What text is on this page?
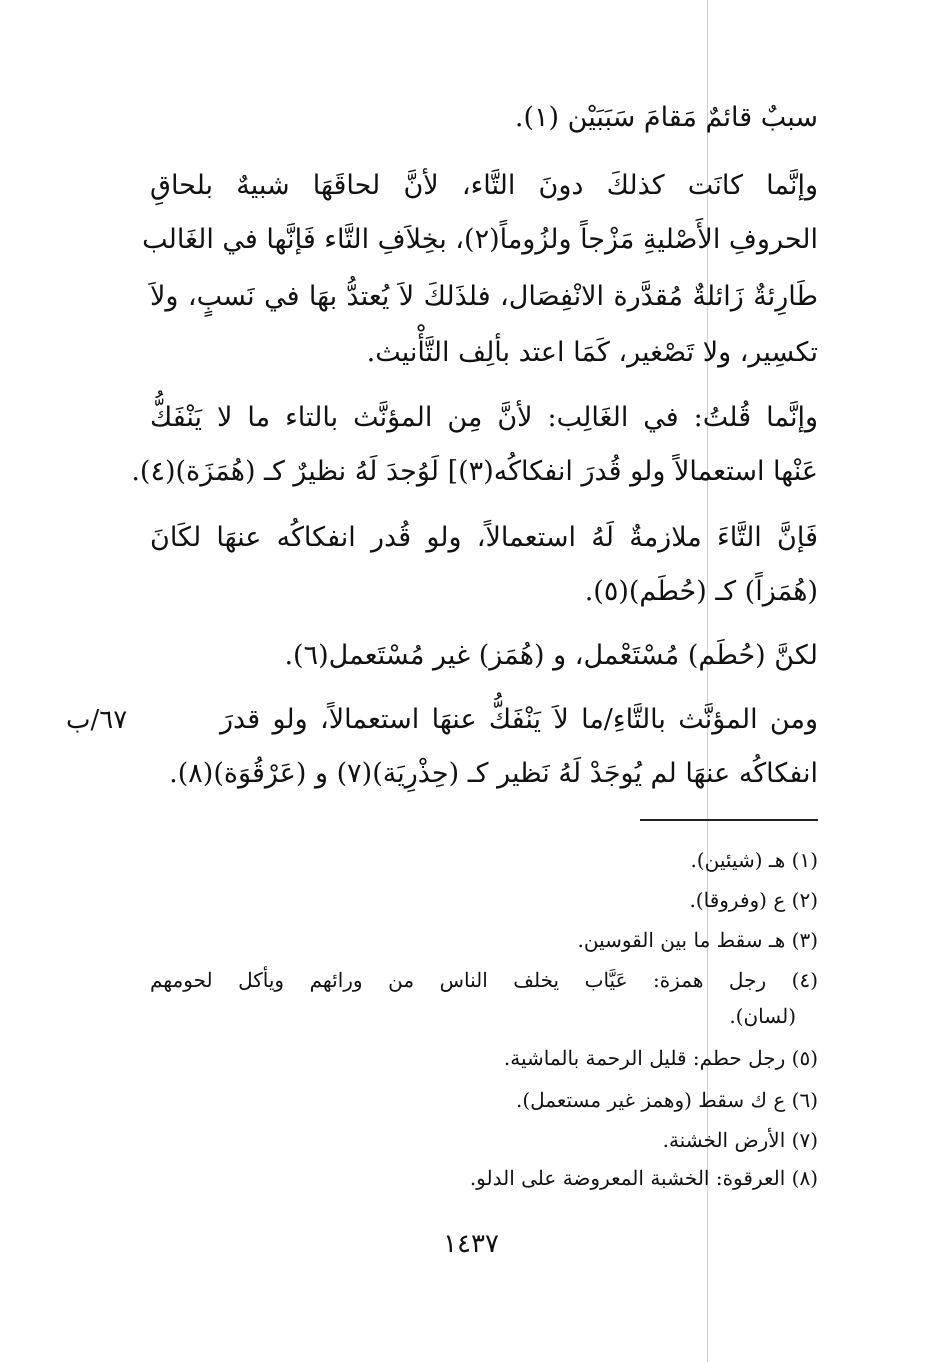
سببٌ قائمٌ مَقامَ سَبَبَيْن (١).
وإنَّما كانَت كذلكَ دونَ التَّاء، لأنَّ لحاقَهَا شبيهٌ بلحاقِ
الحروفِ الأَصْليةِ مَزْجاً ولزُوماً(٢)، بخِلاَفِ التَّاء فَإنَّها في الغَالب
طَارِئةٌ زَائلةٌ مُقدَّرة الانْفِصَال، فلذَلكَ لاَ يُعتدُّ بهَا في نَسبٍ، ولاَ
تكسِير، ولا تَصْغير، كَمَا اعتد بألِف التَّأْنيث.
وإنَّما قُلتُ: في الغَالِب: لأنَّ مِن المؤنَّث بالتاء ما لا يَنْفَكُّ
عَنْها استعمالاً ولو قُدرَ انفكاكُه(٣)] لَوُجدَ لَهُ نظيرٌ كـ (هُمَزَة)(٤).
فَإنَّ التَّاءَ ملازمةٌ لَهُ استعمالاً، ولو قُدر انفكاكُه عنهَا لكَانَ
(هُمَزاً) كـ (حُطَم)(٥).
لكنَّ (حُطَم) مُسْتَعْمل، و (هُمَز) غير مُسْتَعمل(٦).
ومن المؤنَّث بالتَّاءِ/ما لاَ يَنْفَكُّ عنهَا استعمالاً، ولو قدرَ
انفكاكُه عنهَا لم يُوجَدْ لَهُ نَظير كـ (حِذْرِيَة)(٧) و (عَرْقُوَة)(٨).
٦٧/ب
(١) هـ (شيئين).
(٢) ع (وفروقا).
(٣) هـ سقط ما بين القوسين.
(٤) رجل همزة: عَيَّاب يخلف الناس من ورائهم ويأكل لحومهم
(لسان).
(٥) رجل حطم: قليل الرحمة بالماشية.
(٦) ع ك سقط (وهمز غير مستعمل).
(٧) الأرض الخشنة.
(٨) العرقوة: الخشبة المعروضة على الدلو.
١٤٣٧
